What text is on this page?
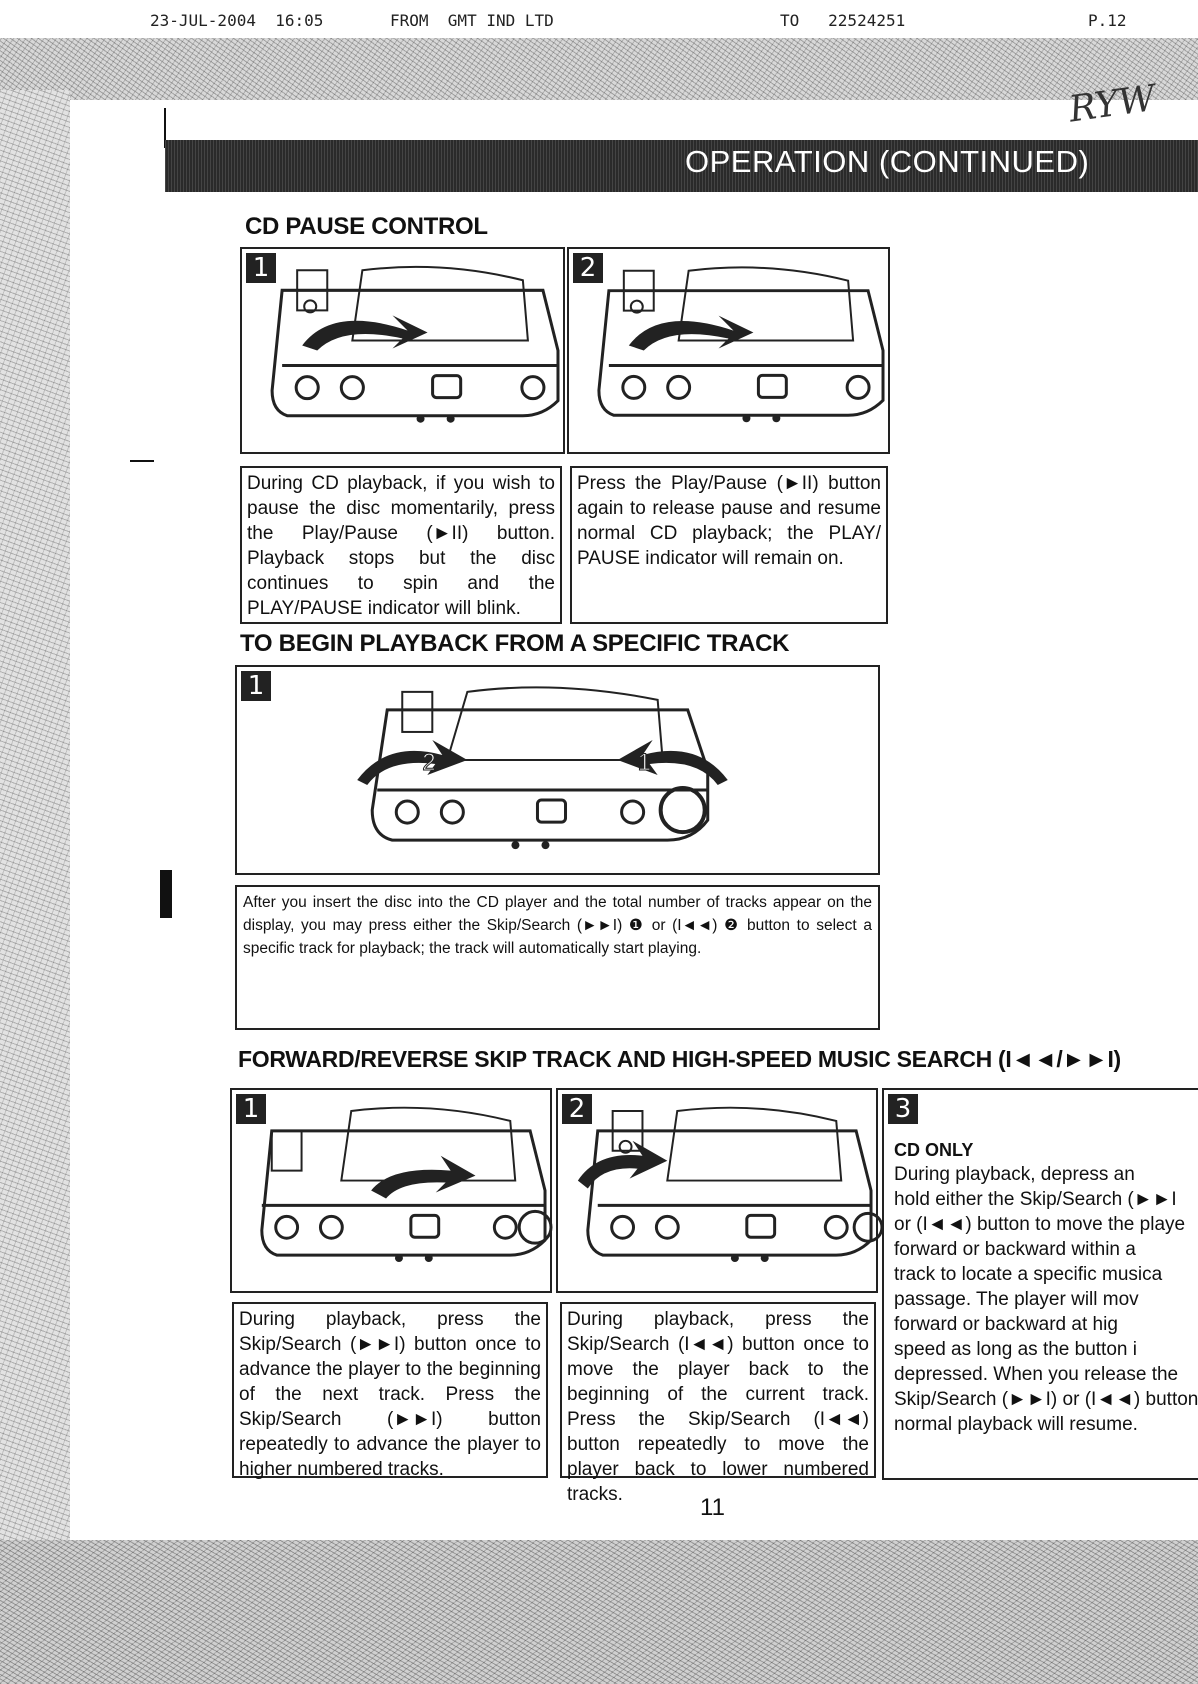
23-JUL-2004  16:05	FROM  GMT IND LTD	TO   22524251	P.12
RYW
OPERATION (CONTINUED)
CD PAUSE CONTROL
1	2
During CD playback, if you wish to pause the disc momentarily, press the Play/Pause (►II) button. Playback stops but the disc continues to spin and the PLAY/PAUSE indicator will blink.
Press the Play/Pause (►II) button again to release pause and resume normal CD playback; the PLAY/ PAUSE indicator will remain on.
TO BEGIN PLAYBACK FROM A SPECIFIC TRACK
1
2	1
After you insert the disc into the CD player and the total number of tracks appear on the display, you may press either the Skip/Search (►►I) ❶ or (I◄◄) ❷ button to select a specific track for playback; the track will automatically start playing.
FORWARD/REVERSE SKIP TRACK AND HIGH-SPEED MUSIC SEARCH (I◄◄/►►I)
1	2
During playback, press the Skip/Search (►►I) button once to advance the player to the beginning of the next track. Press the Skip/Search (►►I) button repeatedly to advance the player to higher numbered tracks.
During playback, press the Skip/Search (I◄◄) button once to move the player back to the beginning of the current track. Press the Skip/Search (I◄◄) button repeatedly to move the player back to lower numbered tracks.
3
CD ONLY
During playback, depress an
hold either the Skip/Search (►►I
or (I◄◄) button to move the playe
forward or backward within a
track to locate a specific musica
passage. The player will mov
forward or backward at hig
speed as long as the button i
depressed. When you release the
Skip/Search (►►I) or (I◄◄) button
normal playback will resume.
11
